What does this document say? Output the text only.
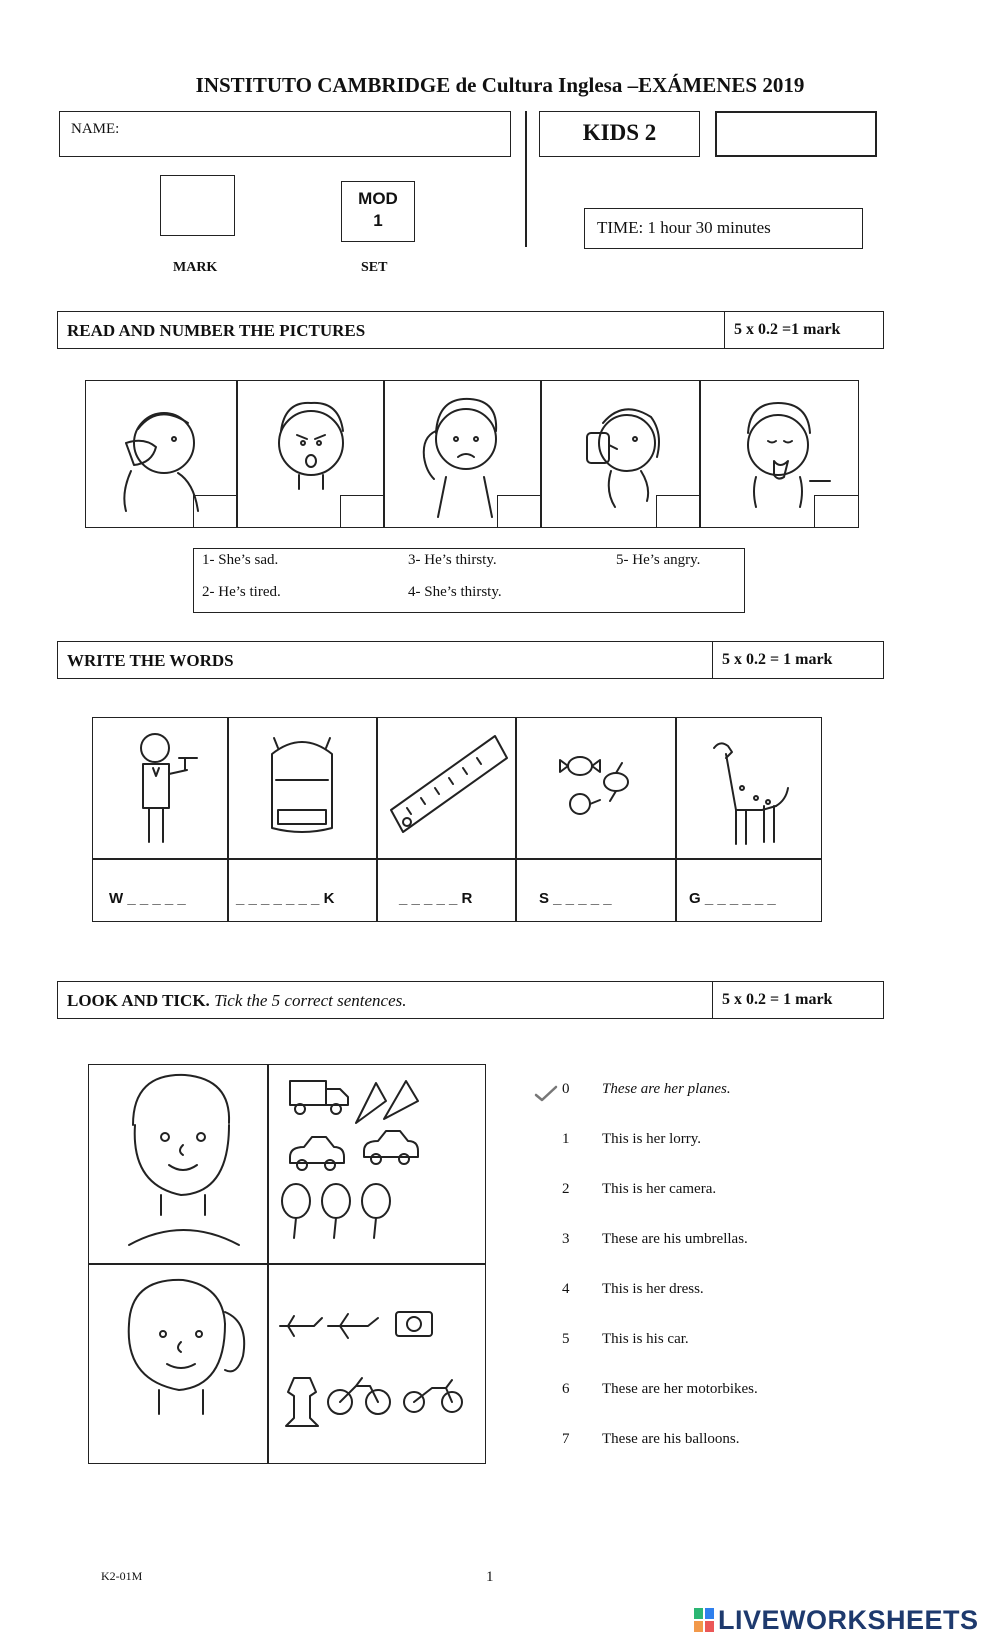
INSTITUTO CAMBRIDGE de Cultura Inglesa –EXÁMENES 2019
NAME:	KIDS 2
MOD
1	TIME: 1 hour 30 minutes
MARK	SET
READ AND NUMBER THE PICTURES	5 x 0.2 =1 mark
1- She’s sad.	3- He’s thirsty.	5- He’s angry.
2- He’s tired.	4- She’s thirsty.
WRITE THE WORDS	5 x 0.2 = 1 mark
W _ _ _ _ _	_ _ _ _ _ _ _ K	_ _ _ _ _ R	S _ _ _ _ _	G _ _ _ _ _ _
LOOK AND TICK. Tick the 5 correct sentences.	5 x 0.2 = 1 mark
0	These are her planes.
1	This is her lorry.
2	This is her camera.
3	These are his umbrellas.
4	This is her dress.
5	This is his car.
6	These are her motorbikes.
7	These are his balloons.
K2-01M	1
LIVEWORKSHEETS
